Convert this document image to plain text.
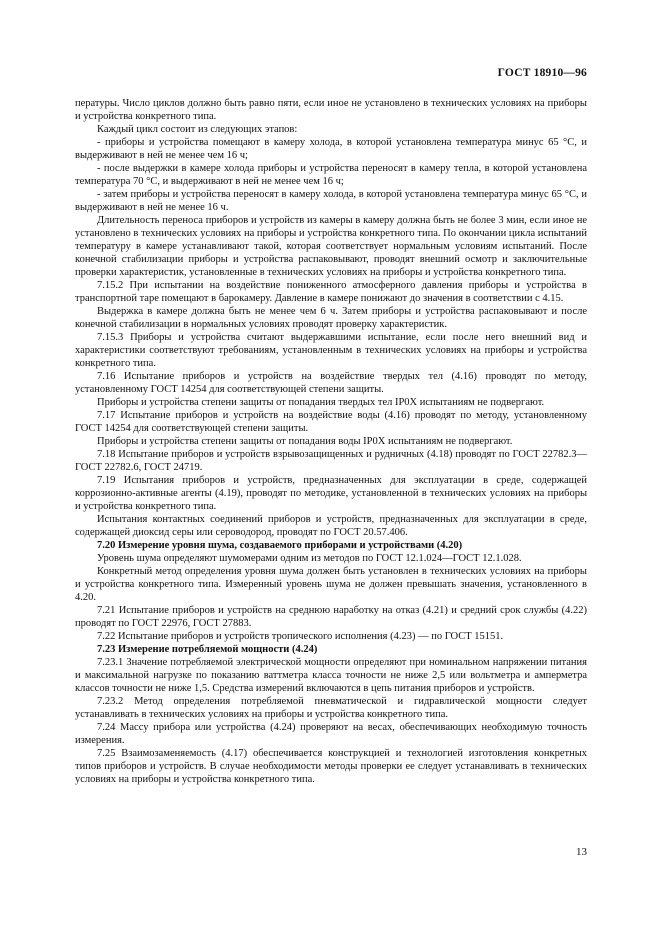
ГОСТ 18910—96

пературы. Число циклов должно быть равно пяти, если иное не установлено в технических условиях на приборы и устройства конкретного типа.

Каждый цикл состоит из следующих этапов:

- приборы и устройства помещают в камеру холода, в которой установлена температура минус 65 °С, и выдерживают в ней не менее чем 16 ч;

- после выдержки в камере холода приборы и устройства переносят в камеру тепла, в которой установлена температура 70 °С, и выдерживают в ней не менее чем 16 ч;

- затем приборы и устройства переносят в камеру холода, в которой установлена температура минус 65 °С, и выдерживают в ней не менее 16 ч.

Длительность переноса приборов и устройств из камеры в камеру должна быть не более 3 мин, если иное не установлено в технических условиях на приборы и устройства конкретного типа. По окончании цикла испытаний температуру в камере устанавливают такой, которая соответствует нормальным условиям испытаний. После конечной стабилизации приборы и устройства распаковывают, проводят внешний осмотр и заключительные проверки характеристик, установленные в технических условиях на приборы и устройства конкретного типа.

7.15.2 При испытании на воздействие пониженного атмосферного давления приборы и устройства в транспортной таре помещают в барокамеру. Давление в камере понижают до значения в соответствии с 4.15.

Выдержка в камере должна быть не менее чем 6 ч. Затем приборы и устройства распаковывают и после конечной стабилизации в нормальных условиях проводят проверку характеристик.

7.15.3 Приборы и устройства считают выдержавшими испытание, если после него внешний вид и характеристики соответствуют требованиям, установленным в технических условиях на приборы и устройства конкретного типа.

7.16 Испытание приборов и устройств на воздействие твердых тел (4.16) проводят по методу, установленному ГОСТ 14254 для соответствующей степени защиты.

Приборы и устройства степени защиты от попадания твердых тел IP0X испытаниям не подвергают.

7.17 Испытание приборов и устройств на воздействие воды (4.16) проводят по методу, установленному ГОСТ 14254 для соответствующей степени защиты.

Приборы и устройства степени защиты от попадания воды IP0X испытаниям не подвергают.

7.18 Испытание приборов и устройств взрывозащищенных и рудничных (4.18) проводят по ГОСТ 22782.3—ГОСТ 22782.6, ГОСТ 24719.

7.19 Испытания приборов и устройств, предназначенных для эксплуатации в среде, содержащей коррозионно-активные агенты (4.19), проводят по методике, установленной в технических условиях на приборы и устройства конкретного типа.

Испытания контактных соединений приборов и устройств, предназначенных для эксплуатации в среде, содержащей диоксид серы или сероводород, проводят по ГОСТ 20.57.406.

7.20 Измерение уровня шума, создаваемого приборами и устройствами (4.20)

Уровень шума определяют шумомерами одним из методов по ГОСТ 12.1.024—ГОСТ 12.1.028.

Конкретный метод определения уровня шума должен быть установлен в технических условиях на приборы и устройства конкретного типа. Измеренный уровень шума не должен превышать значения, установленного в 4.20.

7.21 Испытание приборов и устройств на среднюю наработку на отказ (4.21) и средний срок службы (4.22) проводят по ГОСТ 22976, ГОСТ 27883.

7.22 Испытание приборов и устройств тропического исполнения (4.23) — по ГОСТ 15151.

7.23 Измерение потребляемой мощности (4.24)

7.23.1 Значение потребляемой электрической мощности определяют при номинальном напряжении питания и максимальной нагрузке по показанию ваттметра класса точности не ниже 2,5 или вольтметра и амперметра классов точности не ниже 1,5. Средства измерений включаются в цепь питания приборов и устройств.

7.23.2 Метод определения потребляемой пневматической и гидравлической мощности следует устанавливать в технических условиях на приборы и устройства конкретного типа.

7.24 Массу прибора или устройства (4.24) проверяют на весах, обеспечивающих необходимую точность измерения.

7.25 Взаимозаменяемость (4.17) обеспечивается конструкцией и технологией изготовления конкретных типов приборов и устройств. В случае необходимости методы проверки ее следует устанавливать в технических условиях на приборы и устройства конкретного типа.

13
